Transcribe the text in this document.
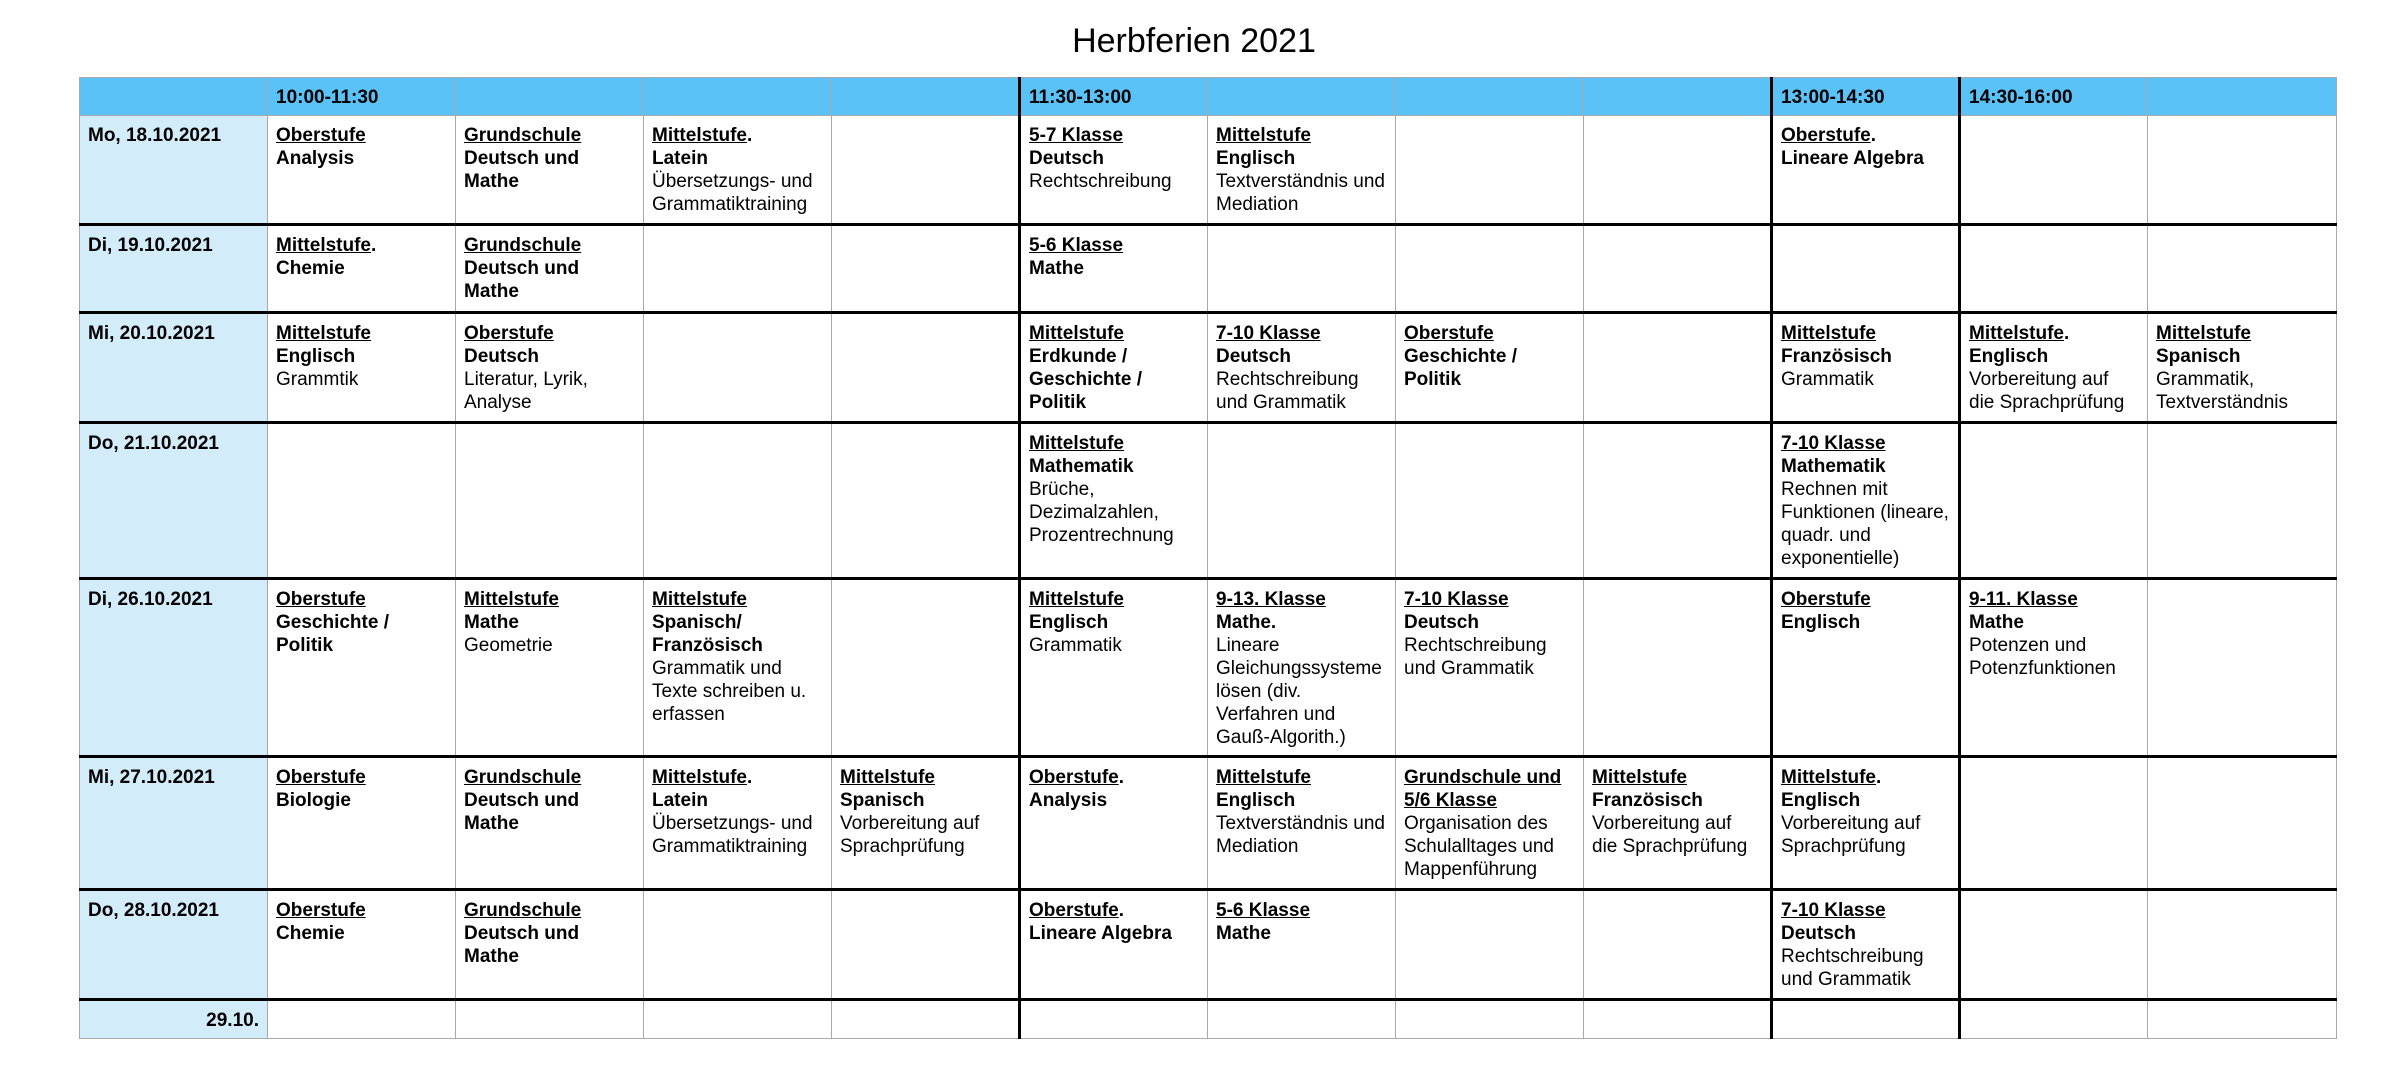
Herbferien 2021
	10:00-11:30				11:30-13:00				13:00-14:30	14:30-16:00	
Mo, 18.10.2021	Oberstufe
Analysis	Grundschule
Deutsch und Mathe	Mittelstufe.
Latein
Übersetzungs- und Grammatiktraining		5-7 Klasse
Deutsch
Rechtschreibung	Mittelstufe
Englisch
Textverständnis und Mediation			Oberstufe.
Lineare Algebra		

Di, 19.10.2021	Mittelstufe.
Chemie	Grundschule
Deutsch und Mathe			5-6 Klasse
Mathe						

Mi, 20.10.2021	Mittelstufe
Englisch
Grammtik	Oberstufe
Deutsch
Literatur, Lyrik, Analyse			Mittelstufe
Erdkunde / Geschichte / Politik	7-10 Klasse
Deutsch
Rechtschreibung und Grammatik	Oberstufe
Geschichte / Politik		Mittelstufe
Französisch
Grammatik	Mittelstufe.
Englisch
Vorbereitung auf die Sprachprüfung	Mittelstufe
Spanisch
Grammatik, Textverständnis

Do, 21.10.2021					Mittelstufe
Mathematik
Brüche, Dezimalzahlen, Prozentrechnung				7-10 Klasse
Mathematik
Rechnen mit Funktionen (lineare, quadr. und exponentielle)		

Di, 26.10.2021	Oberstufe
Geschichte / Politik	Mittelstufe
Mathe
Geometrie	Mittelstufe
Spanisch/ Französisch
Grammatik und Texte schreiben u. erfassen		Mittelstufe
Englisch
Grammatik	9-13. Klasse
Mathe.
Lineare Gleichungssysteme lösen (div. Verfahren und Gauß-Algorith.)	7-10 Klasse
Deutsch
Rechtschreibung und Grammatik		Oberstufe
Englisch	9-11. Klasse
Mathe
Potenzen und Potenzfunktionen	

Mi, 27.10.2021	Oberstufe
Biologie	Grundschule
Deutsch und Mathe	Mittelstufe.
Latein
Übersetzungs- und Grammatiktraining	Mittelstufe
Spanisch
Vorbereitung auf Sprachprüfung	Oberstufe.
Analysis	Mittelstufe
Englisch
Textverständnis und Mediation	Grundschule und 5/6 Klasse
Organisation des Schulalltages und Mappenführung	Mittelstufe
Französisch
Vorbereitung auf die Sprachprüfung	Mittelstufe.
Englisch
Vorbereitung auf Sprachprüfung		

Do, 28.10.2021	Oberstufe
Chemie	Grundschule
Deutsch und Mathe			Oberstufe.
Lineare Algebra	5-6 Klasse
Mathe			7-10 Klasse
Deutsch
Rechtschreibung und Grammatik		

29.10.											
